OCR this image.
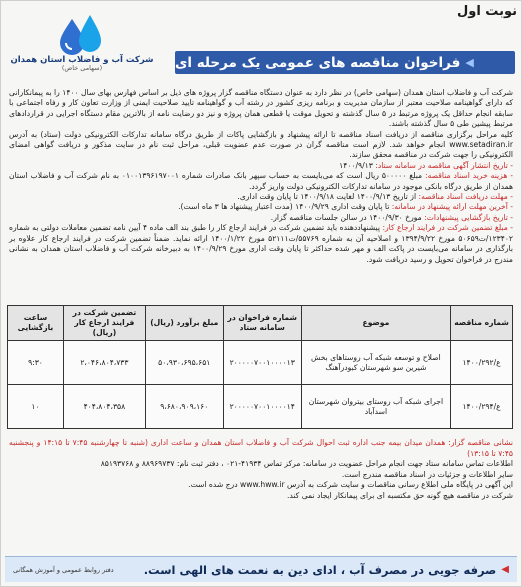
نوبت اول
شرکت آب و فاضلاب استان همدان
(سهامی خاص)	◀
فراخوان مناقصه های عمومی یک مرحله ای

شرکت آب و فاضلاب استان همدان (سهامی خاص) در نظر دارد به عنوان دستگاه مناقصه گزار پروژه های ذیل بر اساس فهارس بهای سال ۱۴۰۰ را به پیمانکارانی که دارای گواهینامه صلاحیت معتبر از سازمان مدیریت و برنامه ریزی کشور در رشته آب و گواهینامه تایید صلاحیت ایمنی از وزارت تعاون کار و رفاه اجتماعی با سابقه انجام حداقل یک پروژه مرتبط در ۵ سال گذشته و تحویل موقت یا قطعی همان پروژه و نیز دو رضایت نامه از بالاترین مقام دستگاه اجرایی در قراردادهای مرتبط پیشین طی ۵ سال گذشته باشند.

کلیه مراحل برگزاری مناقصه از دریافت اسناد مناقصه تا ارائه پیشنهاد و بازگشایی پاکات از طریق درگاه سامانه تدارکات الکترونیکی دولت (ستاد) به آدرس www.setadiran.ir انجام خواهد شد. لازم است مناقصه گران در صورت عدم عضویت قبلی، مراحل ثبت نام در سایت مذکور و دریافت گواهی امضای الکترونیکی را جهت شرکت در مناقصه محقق سازند.

- تاریخ انتشار آگهی مناقصه در سامانه ستاد: ۱۴۰۰/۹/۱۳

- هزینه خرید اسناد مناقصه: مبلغ ۵۰۰۰۰۰ ریال است که می‌بایست به حساب سپهر بانک صادرات شماره ۰۱۰۰۱۳۹۶۱۹۷۰۰۱ به نام شرکت آب و فاضلاب استان همدان از طریق درگاه بانکی موجود در سامانه تدارکات الکترونیکی دولت واریز گردد.

- مهلت دریافت اسناد مناقصه: از تاریخ ۱۴۰۰/۹/۱۳ لغایت ۱۴۰۰/۹/۱۸ تا پایان وقت اداری.

- آخرین مهلت ارائه پیشنهاد در سامانه: تا پایان وقت اداری ۱۴۰۰/۹/۲۹ (مدت اعتبار پیشنهاد ها ۳ ماه است).

- تاریخ بازگشایی پیشنهادات: مورخ ۱۴۰۰/۹/۳۰ در سالن جلسات مناقصه گزار.

- مبلغ تضمین شرکت در فرایند ارجاع کار: پیشنهاددهنده باید تضمین شرکت در فرایند ارجاع کار را طبق بند الف ماده ۴ آیین نامه تضمین معاملات دولتی به شماره ۱۲۳۴۰۲/ت۵۰۶۵۹ مورخ ۱۳۹۴/۹/۲۲ و اصلاحیه آن به شماره ۵۵۷۶۹/ت۵۲۱۱۱ مورخ ۱۴۰۰/۱/۲۲ ارائه نماید. ضمناً تضمین شرکت در فرایند ارجاع کار علاوه بر بارگذاری در سامانه می‌بایست در پاکت الف و مهر شده حداکثر تا پایان وقت اداری مورخ ۱۴۰۰/۹/۲۹ به دبیرخانه شرکت آب و فاضلاب استان همدان به نشانی مندرج در فراخوان تحویل و رسید دریافت شود.

شماره مناقصه	موضوع	شماره فراخوان در سامانه ستاد	مبلغ برآورد (ریال)	تضمین شرکت در فرایند ارجاع کار (ریال)	ساعت بازگشایی
ع/۱۴۰۰/۲۹۲	اصلاح و توسعه شبکه آب روستاهای بخش شیرین سو شهرستان کبودرآهنگ	۲۰۰۰۰۰۷۰۰۱۰۰۰۰۱۳	۵۰،۹۳۰،۶۹۵،۶۵۱	۲،۰۴۶،۸۰۴،۷۳۳	۹:۳۰
ع/۱۴۰۰/۲۹۴	اجرای شبکه آب روستای بیتروان شهرستان اسدآباد	۲۰۰۰۰۰۷۰۰۱۰۰۰۰۱۴	۹،۶۸۰،۹۰۹،۱۶۰	۴۰۴،۸۰۴،۳۵۸	۱۰

نشانی مناقصه گزار: همدان میدان بیمه جنب اداره ثبت احوال شرکت آب و فاضلاب استان همدان و ساعت اداری (شنبه تا چهارشنبه ۷:۴۵ تا ۱۴:۱۵ و پنجشنبه ۷:۴۵ تا ۱۳:۱۵)

اطلاعات تماس سامانه ستاد جهت انجام مراحل عضویت در سامانه: مرکز تماس ۴۱۹۳۴-۰۲۱ ، دفتر ثبت نام: ۸۸۹۶۹۷۳۷ و ۸۵۱۹۳۷۶۸

سایر اطلاعات و جزئیات در اسناد مناقصه مندرج است.

این آگهی در پایگاه ملی اطلاع رسانی مناقصات و سایت شرکت به آدرس www.hww.ir درج شده است.

شرکت در مناقصه هیچ گونه حق مکتسبه ای برای پیمانکار ایجاد نمی کند.

◀
صرفه جویی در مصرف آب ، ادای دین به نعمت های الهی است.
دفتر روابط عمومی و آموزش همگانی
